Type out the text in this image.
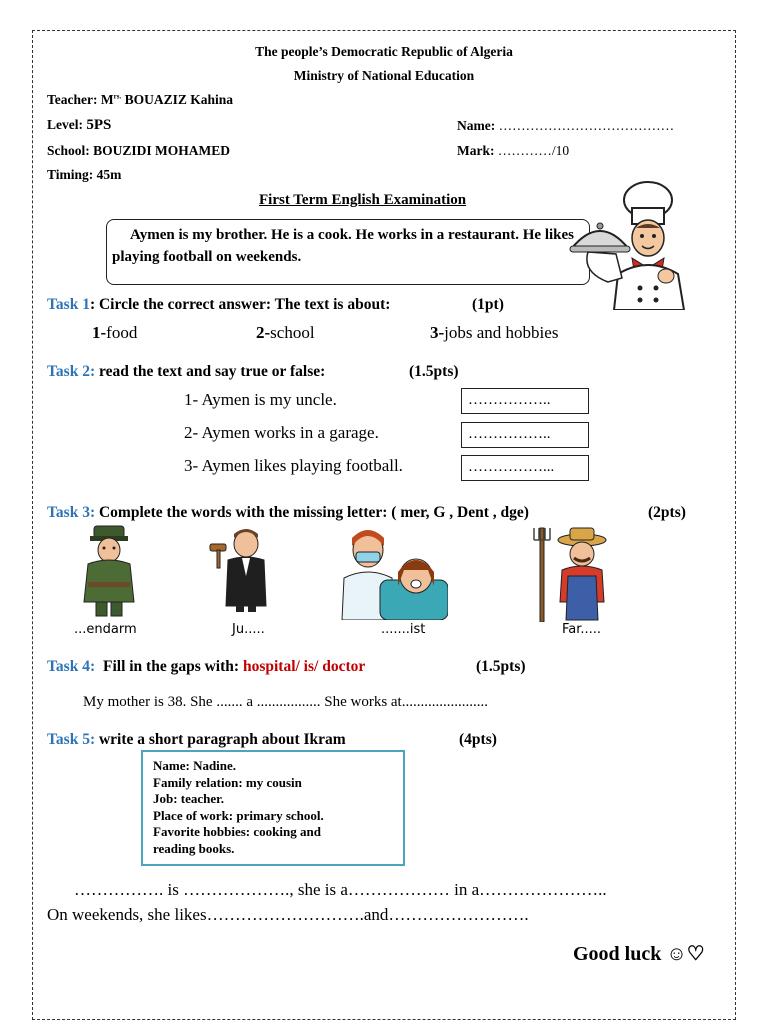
The people’s Democratic Republic of Algeria
Ministry of National Education
Teacher: $M^{rs.}$ BOUAZIZ Kahina
Level: 5PS
School: BOUZIDI MOHAMED
Timing: 45m
Name: …………………………………
Mark: …………/10
First Term English Examination
Aymen is my brother. He is a cook. He works in a restaurant. He likes playing football on weekends.
Task 1: Circle the correct answer: The text is about:	(1pt)
1-food	2-school	3-jobs and hobbies
Task 2: read the text and say true or false:	(1.5pts)
1- Aymen is my uncle.	……………..
2- Aymen works in a garage.	……………..
3- Aymen likes playing football.	……………...
Task 3: Complete the words with the missing letter: ( mer, G , Dent , dge)	(2pts)
...endarm	Ju.....	.......ist	Far.....
Task 4: Fill in the gaps with: hospital/ is/ doctor	(1.5pts)
My mother is 38. She ....... a ................. She works at.......................
Task 5: write a short paragraph about Ikram	(4pts)
Name: Nadine.
Family relation: my cousin
Job: teacher.
Place of work: primary school.
Favorite hobbies: cooking and
reading books.
……………. is ………………., she is a……………… in a…………………..
On weekends, she likes……………………….and…………………….
Good luck ☺♡
